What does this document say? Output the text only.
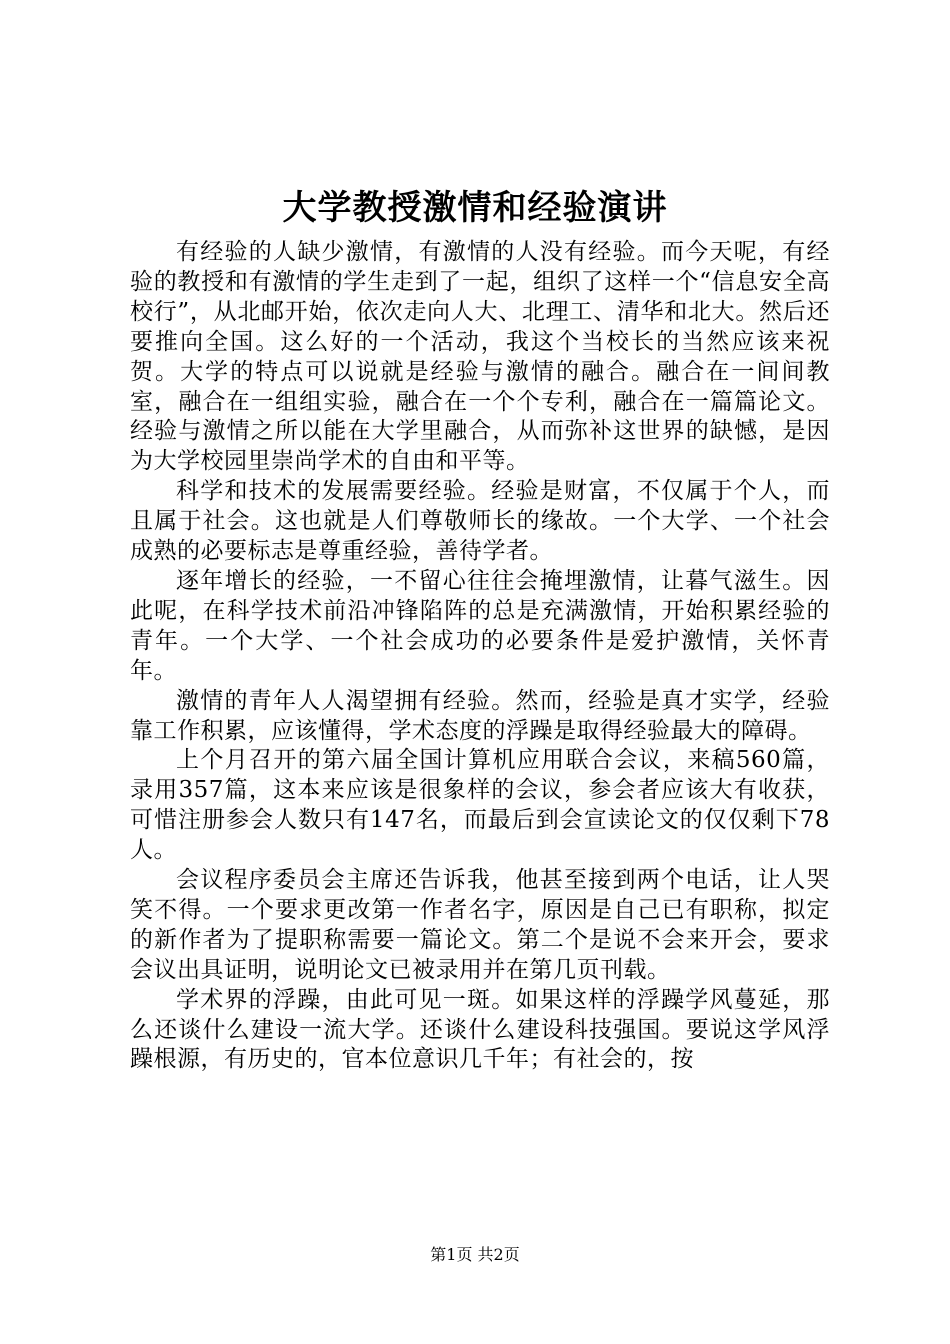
大学教授激情和经验演讲

有经验的人缺少激情，有激情的人没有经验。而今天呢，有经验的教授和有激情的学生走到了一起，组织了这样一个“信息安全高校行”，从北邮开始，依次走向人大、北理工、清华和北大。然后还要推向全国。这么好的一个活动，我这个当校长的当然应该来祝贺。大学的特点可以说就是经验与激情的融合。融合在一间间教室，融合在一组组实验，融合在一个个专利，融合在一篇篇论文。经验与激情之所以能在大学里融合，从而弥补这世界的缺憾，是因为大学校园里崇尚学术的自由和平等。

科学和技术的发展需要经验。经验是财富，不仅属于个人，而且属于社会。这也就是人们尊敬师长的缘故。一个大学、一个社会成熟的必要标志是尊重经验，善待学者。

逐年增长的经验，一不留心往往会掩埋激情，让暮气滋生。因此呢，在科学技术前沿冲锋陷阵的总是充满激情，开始积累经验的青年。一个大学、一个社会成功的必要条件是爱护激情，关怀青年。

激情的青年人人渴望拥有经验。然而，经验是真才实学，经验靠工作积累，应该懂得，学术态度的浮躁是取得经验最大的障碍。

上个月召开的第六届全国计算机应用联合会议，来稿560篇，录用357篇，这本来应该是很象样的会议，参会者应该大有收获，可惜注册参会人数只有147名，而最后到会宣读论文的仅仅剩下78人。

会议程序委员会主席还告诉我，他甚至接到两个电话，让人哭笑不得。一个要求更改第一作者名字，原因是自己已有职称，拟定的新作者为了提职称需要一篇论文。第二个是说不会来开会，要求会议出具证明，说明论文已被录用并在第几页刊载。

学术界的浮躁，由此可见一斑。如果这样的浮躁学风蔓延，那么还谈什么建设一流大学。还谈什么建设科技强国。要说这学风浮躁根源，有历史的，官本位意识几千年；有社会的，按

第1页 共2页
